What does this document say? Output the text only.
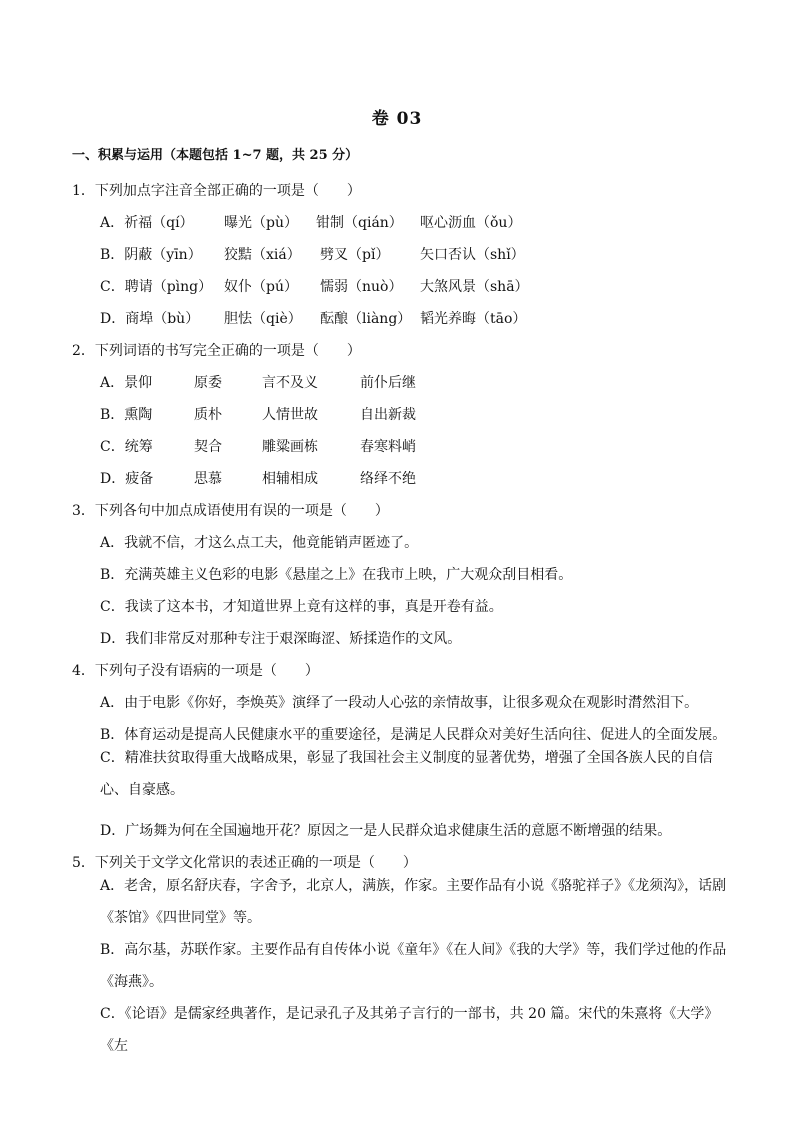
卷 03
一、积累与运用（本题包括 1~7 题，共 25 分）
1．下列加点字注音全部正确的一项是（　　）
A．祈福（qí） 曝光（pù） 钳制（qián） 呕心沥血（ǒu）
B．阴蔽（yīn） 狡黠（xiá） 劈叉（pǐ） 矢口否认（shǐ）
C．聘请（pìng） 奴仆（pú） 懦弱（nuò） 大煞风景（shā）
D．商埠（bù） 胆怯（qiè） 酝酿（liàng） 韬光养晦（tāo）
2．下列词语的书写完全正确的一项是（　　）
A．景仰	原委	言不及义	前仆后继
B．熏陶	质朴	人情世故	自出新裁
C．统筹	契合	雕粱画栋	春寒料峭
D．疲备	思慕	相辅相成	络绎不绝
3．下列各句中加点成语使用有误的一项是（　　）
A．我就不信，才这么点工夫，他竟能销声匿迹了。
B．充满英雄主义色彩的电影《悬崖之上》在我市上映，广大观众刮目相看。
C．我读了这本书，才知道世界上竟有这样的事，真是开卷有益。
D．我们非常反对那种专注于艰深晦涩、矫揉造作的文风。
4．下列句子没有语病的一项是（　　）
A．由于电影《你好，李焕英》演绎了一段动人心弦的亲情故事，让很多观众在观影时潸然泪下。
B．体育运动是提高人民健康水平的重要途径，是满足人民群众对美好生活向往、促进人的全面发展。
C．精准扶贫取得重大战略成果，彰显了我国社会主义制度的显著优势，增强了全国各族人民的自信心、自豪感。
D．广场舞为何在全国遍地开花？原因之一是人民群众追求健康生活的意愿不断增强的结果。
5．下列关于文学文化常识的表述正确的一项是（　　）
A．老舍，原名舒庆春，字舍予，北京人，满族，作家。主要作品有小说《骆驼祥子》《龙须沟》，话剧《茶馆》《四世同堂》等。
B．高尔基，苏联作家。主要作品有自传体小说《童年》《在人间》《我的大学》等，我们学过他的作品《海燕》。
C．《论语》是儒家经典著作，是记录孔子及其弟子言行的一部书，共 20 篇。宋代的朱熹将《大学》《左
